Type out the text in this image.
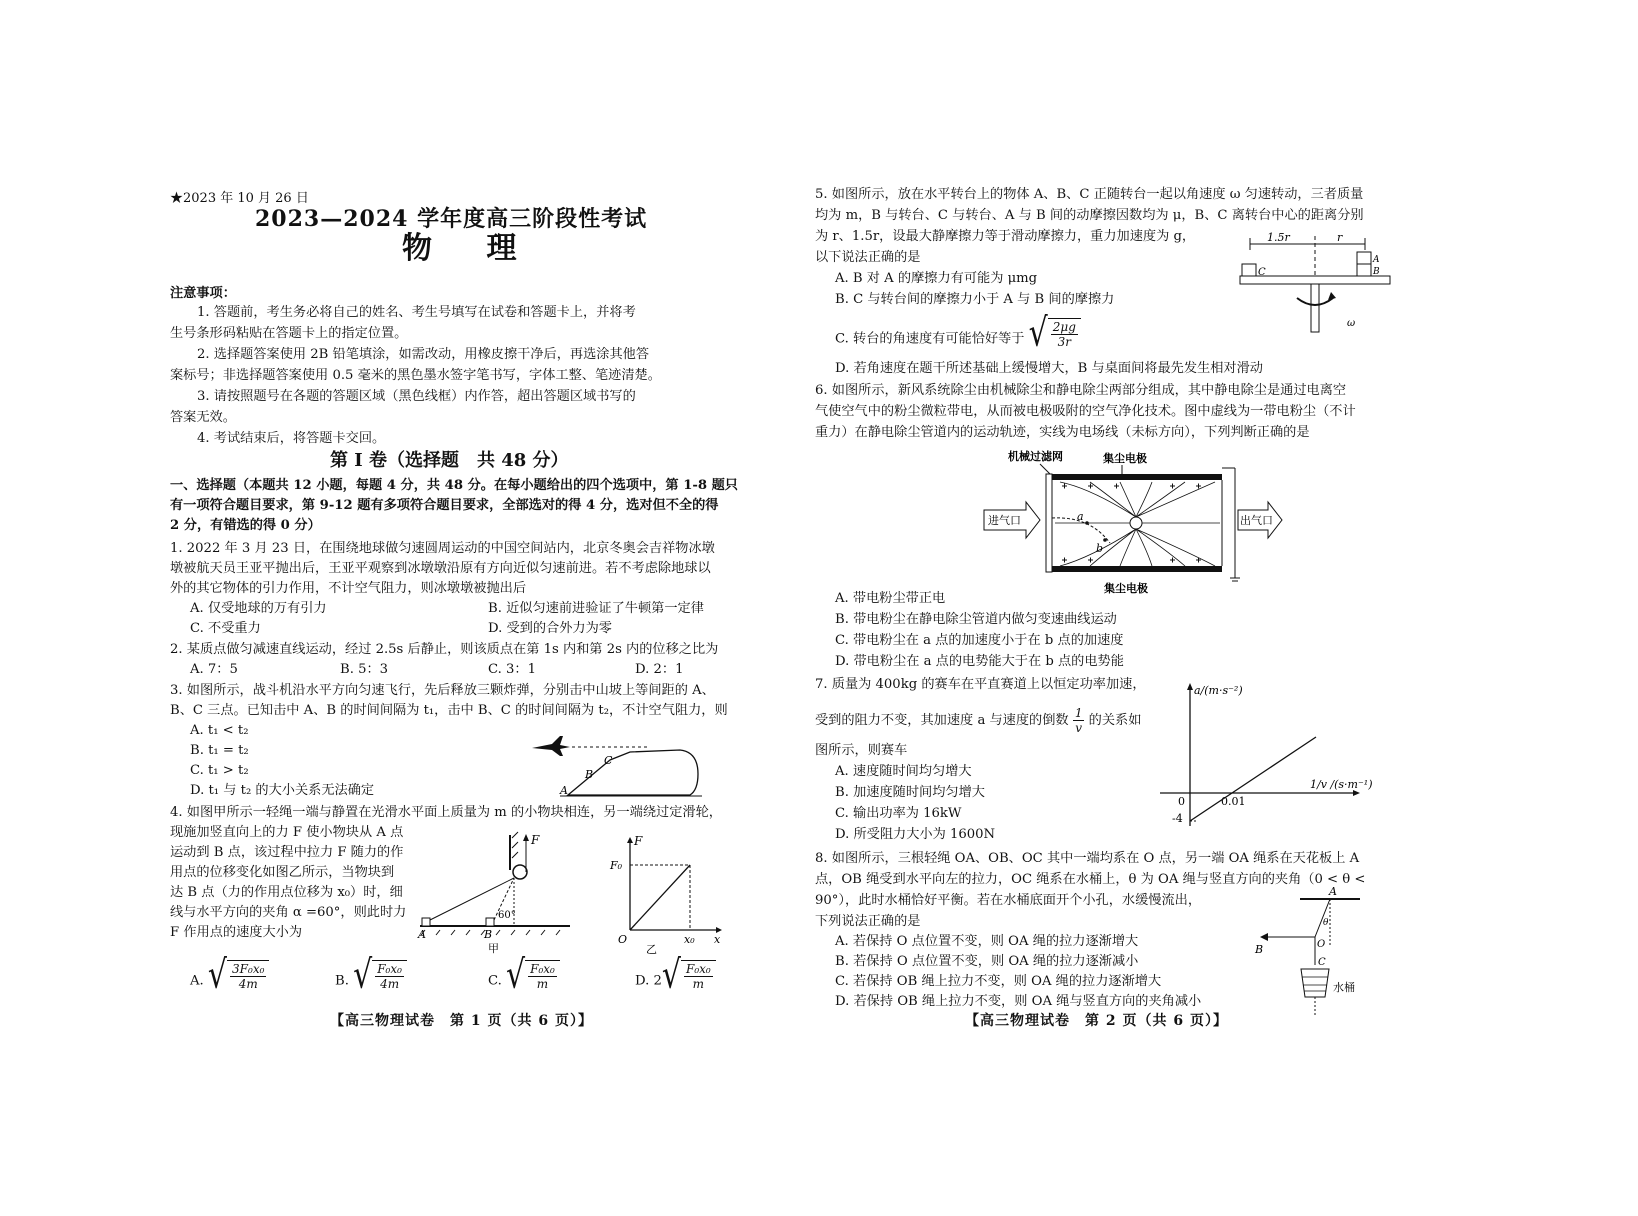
★2023 年 10 月 26 日
2023—2024 学年度高三阶段性考试
物 理
注意事项：
1. 答题前，考生务必将自己的姓名、考生号填写在试卷和答题卡上，并将考
生号条形码粘贴在答题卡上的指定位置。
2. 选择题答案使用 2B 铅笔填涂，如需改动，用橡皮擦干净后，再选涂其他答
案标号；非选择题答案使用 0.5 毫米的黑色墨水签字笔书写，字体工整、笔迹清楚。
3. 请按照题号在各题的答题区域（黑色线框）内作答，超出答题区域书写的
答案无效。
4. 考试结束后，将答题卡交回。
第 I 卷（选择题　共 48 分）
一、选择题（本题共 12 小题，每题 4 分，共 48 分。在每小题给出的四个选项中，第 1-8 题只
有一项符合题目要求，第 9-12 题有多项符合题目要求，全部选对的得 4 分，选对但不全的得
2 分，有错选的得 0 分）
1. 2022 年 3 月 23 日，在围绕地球做匀速圆周运动的中国空间站内，北京冬奥会吉祥物冰墩
墩被航天员王亚平抛出后，王亚平观察到冰墩墩沿原有方向近似匀速前进。若不考虑除地球以
外的其它物体的引力作用，不计空气阻力，则冰墩墩被抛出后
A. 仅受地球的万有引力	B. 近似匀速前进验证了牛顿第一定律
C. 不受重力	D. 受到的合外力为零
2. 某质点做匀减速直线运动，经过 2.5s 后静止，则该质点在第 1s 内和第 2s 内的位移之比为
A. 7：5	B. 5：3	C. 3：1	D. 2：1
3. 如图所示，战斗机沿水平方向匀速飞行，先后释放三颗炸弹，分别击中山坡上等间距的 A、
B、C 三点。已知击中 A、B 的时间间隔为 t₁，击中 B、C 的时间间隔为 t₂，不计空气阻力，则
A. t₁ < t₂
B. t₁ = t₂
C. t₁ > t₂
D. t₁ 与 t₂ 的大小关系无法确定	A
B
C
4. 如图甲所示一轻绳一端与静置在光滑水平面上质量为 m 的小物块相连，另一端绕过定滑轮，
现施加竖直向上的力 F 使小物块从 A 点
运动到 B 点，该过程中拉力 F 随力的作
用点的位移变化如图乙所示，当物块到
达 B 点（力的作用点位移为 x₀）时，细
线与水平方向的夹角 α =60°，则此时力
F 作用点的速度大小为
F
60°
A	B
甲
F
F₀
O	x₀ x
乙
A. √ $\frac{\text{3F₀x₀}}{4m}$	B. √ $\frac{\text{F₀x₀}}{4m}$	C. √ $\frac{\text{F₀x₀}}{m}$	D. 2 √ $\frac{\text{F₀x₀}}{m}$
【高三物理试卷　第 1 页（共 6 页）】
5. 如图所示，放在水平转台上的物体 A、B、C 正随转台一起以角速度 ω 匀速转动，三者质量
均为 m，B 与转台、C 与转台、A 与 B 间的动摩擦因数均为 μ，B、C 离转台中心的距离分别
为 r、1.5r，设最大静摩擦力等于滑动摩擦力，重力加速度为 g，
以下说法正确的是
A. B 对 A 的摩擦力有可能为 μmg
B. C 与转台间的摩擦力小于 A 与 B 间的摩擦力
C. 转台的角速度有可能恰好等于 √ $\frac{2\mu g}{3r}$
D. 若角速度在题干所述基础上缓慢增大，B 与桌面间将最先发生相对滑动
1.5r	r
C
A
B
ω
6. 如图所示，新风系统除尘由机械除尘和静电除尘两部分组成，其中静电除尘是通过电离空
气使空气中的粉尘微粒带电，从而被电极吸附的空气净化技术。图中虚线为一带电粉尘（不计
重力）在静电除尘管道内的运动轨迹，实线为电场线（未标方向），下列判断正确的是
机械过滤网	集尘电极
a
b
进气口	出气口
集尘电极
A. 带电粉尘带正电
B. 带电粉尘在静电除尘管道内做匀变速曲线运动
C. 带电粉尘在 a 点的加速度小于在 b 点的加速度
D. 带电粉尘在 a 点的电势能大于在 b 点的电势能
7. 质量为 400kg 的赛车在平直赛道上以恒定功率加速，
受到的阻力不变，其加速度 a 与速度的倒数 $\frac{1}{v}$ 的关系如
图所示，则赛车
A. 速度随时间均匀增大
B. 加速度随时间均匀增大
C. 输出功率为 16kW
D. 所受阻力大小为 1600N
a/(m·s⁻²)
1/v /(s·m⁻¹)
0	0.01
-4
8. 如图所示，三根轻绳 OA、OB、OC 其中一端均系在 O 点，另一端 OA 绳系在天花板上 A
点，OB 绳受到水平向左的拉力，OC 绳系在水桶上，θ 为 OA 绳与竖直方向的夹角（0 < θ <
90°），此时水桶恰好平衡。若在水桶底面开个小孔，水缓慢流出，
下列说法正确的是
A. 若保持 O 点位置不变，则 OA 绳的拉力逐渐增大
B. 若保持 O 点位置不变，则 OA 绳的拉力逐渐减小
C. 若保持 OB 绳上拉力不变，则 OA 绳的拉力逐渐增大
D. 若保持 OB 绳上拉力不变，则 OA 绳与竖直方向的夹角减小
A
θ
O
B
C
水桶
【高三物理试卷　第 2 页（共 6 页）】
